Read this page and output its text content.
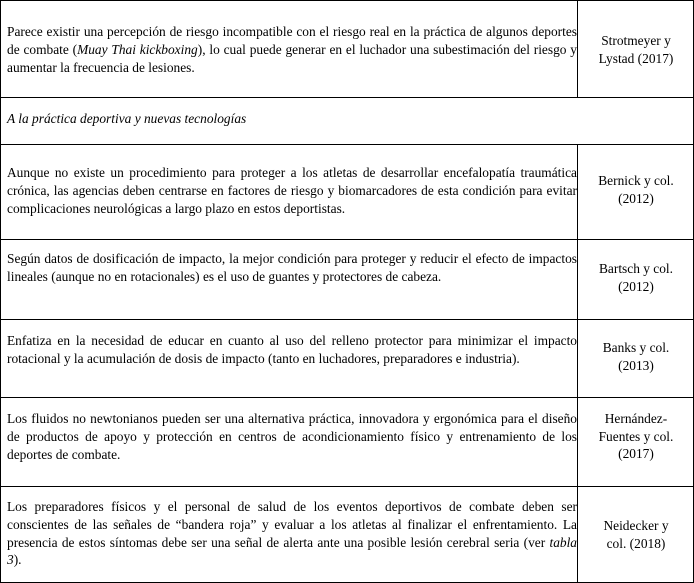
Parece existir una percepción de riesgo incompatible con el riesgo real en la práctica de algunos deportes de combate (Muay Thai kickboxing), lo cual puede generar en el luchador una subestimación del riesgo y aumentar la frecuencia de lesiones.
Strotmeyer y
Lystad (2017)
A la práctica deportiva y nuevas tecnologías
Aunque no existe un procedimiento para proteger a los atletas de desarrollar encefalopatía traumática crónica, las agencias deben centrarse en factores de riesgo y biomarcadores de esta condición para evitar complicaciones neurológicas a largo plazo en estos deportistas.
Bernick y col.
(2012)
Según datos de dosificación de impacto, la mejor condición para proteger y reducir el efecto de impactos lineales (aunque no en rotacionales) es el uso de guantes y protectores de cabeza.
Bartsch y col.
(2012)
Enfatiza en la necesidad de educar en cuanto al uso del relleno protector para minimizar el impacto rotacional y la acumulación de dosis de impacto (tanto en luchadores, preparadores e industria).
Banks y col.
(2013)
Los fluidos no newtonianos pueden ser una alternativa práctica, innovadora y ergonómica para el diseño de productos de apoyo y protección en centros de acondicionamiento físico y entrenamiento de los deportes de combate.
Hernández-
Fuentes y col.
(2017)
Los preparadores físicos y el personal de salud de los eventos deportivos de combate deben ser conscientes de las señales de “bandera roja” y evaluar a los atletas al finalizar el enfrentamiento. La presencia de estos síntomas debe ser una señal de alerta ante una posible lesión cerebral seria (ver tabla 3).
Neidecker y
col. (2018)
